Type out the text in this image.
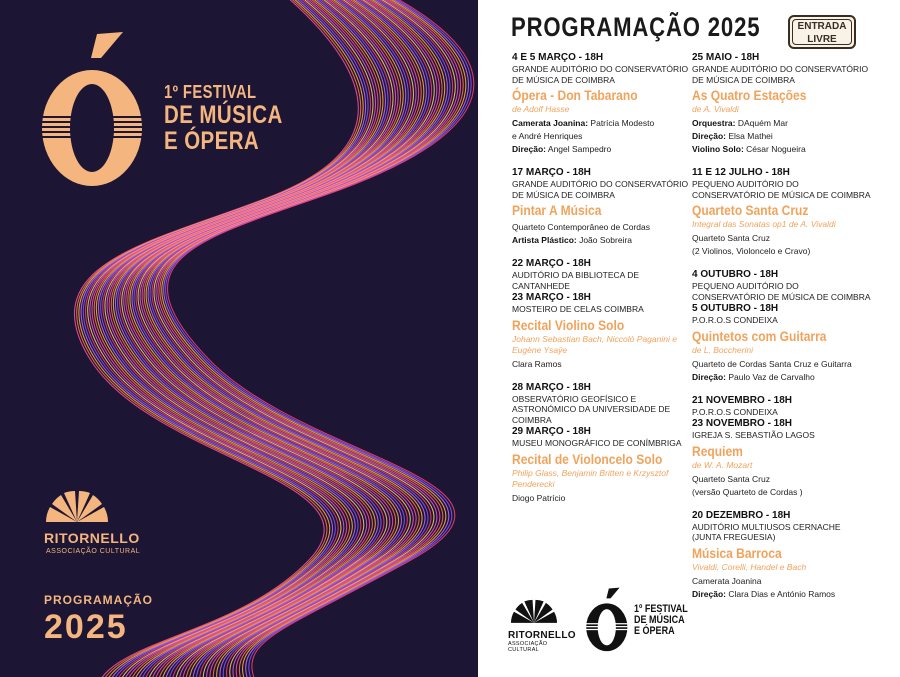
1º FESTIVAL
DE MÚSICA
E ÓPERA
RITORNELLO
ASSOCIAÇÃO CULTURAL
PROGRAMAÇÃO
2025
PROGRAMAÇÃO 2025	ENTRADA
LIVRE
4 E 5 MARÇO - 18H
GRANDE AUDITÓRIO DO CONSERVATÓRIO DE MÚSICA DE COIMBRA
Ópera - Don Tabarano
de Adolf Hasse
Camerata Joanina: Patrícia Modesto
e André Henriques
Direção: Angel Sampedro
17 MARÇO - 18H
GRANDE AUDITÓRIO DO CONSERVATÓRIO DE MÚSICA DE COIMBRA
Pintar A Música
Quarteto Contemporâneo de Cordas
Artista Plástico: João Sobreira
22 MARÇO - 18H
AUDITÓRIO DA BIBLIOTECA DE CANTANHEDE
23 MARÇO - 18H
MOSTEIRO DE CELAS COIMBRA
Recital Violino Solo
Johann Sebastian Bach, Niccoló Paganini e Eugène Ysaÿe
Clara Ramos
28 MARÇO - 18H
OBSERVATÓRIO GEOFÍSICO E ASTRONÓMICO DA UNIVERSIDADE DE COIMBRA
29 MARÇO - 18H
MUSEU MONOGRÁFICO DE CONÍMBRIGA
Recital de Violoncelo Solo
Philip Glass, Benjamin Britten e Krzysztof Penderecki
Diogo Patrício
25 MAIO - 18H
GRANDE AUDITÓRIO DO CONSERVATÓRIO DE MÚSICA DE COIMBRA
As Quatro Estações
de A. Vivaldi
Orquestra: DAquém Mar
Direção: Elsa Mathei
Violino Solo: César Nogueira
11 E 12 JULHO - 18H
PEQUENO AUDITÓRIO DO CONSERVATÓRIO DE MÚSICA DE COIMBRA
Quarteto Santa Cruz
Integral das Sonatas op1 de A. Vivaldi
Quarteto Santa Cruz
(2 Violinos, Violoncelo e Cravo)
4 OUTUBRO - 18H
PEQUENO AUDITÓRIO DO CONSERVATÓRIO DE MÚSICA DE COIMBRA
5 OUTUBRO - 18H
P.O.R.O.S CONDEIXA
Quintetos com Guitarra
de L. Boccherini
Quarteto de Cordas Santa Cruz e Guitarra
Direção: Paulo Vaz de Carvalho
21 NOVEMBRO - 18H
P.O.R.O.S CONDEIXA
23 NOVEMBRO - 18H
IGREJA S. SEBASTIÃO LAGOS
Requiem
de W. A. Mozart
Quarteto Santa Cruz
(versão Quarteto de Cordas )
20 DEZEMBRO - 18H
AUDITÓRIO MULTIUSOS CERNACHE (JUNTA FREGUESIA)
Música Barroca
Vivaldi, Corelli, Handel e Bach
Camerata Joanina
Direção: Clara Dias e António Ramos
RITORNELLO
ASSOCIAÇÃO CULTURAL
1º FESTIVAL
DE MÚSICA
E ÓPERA
